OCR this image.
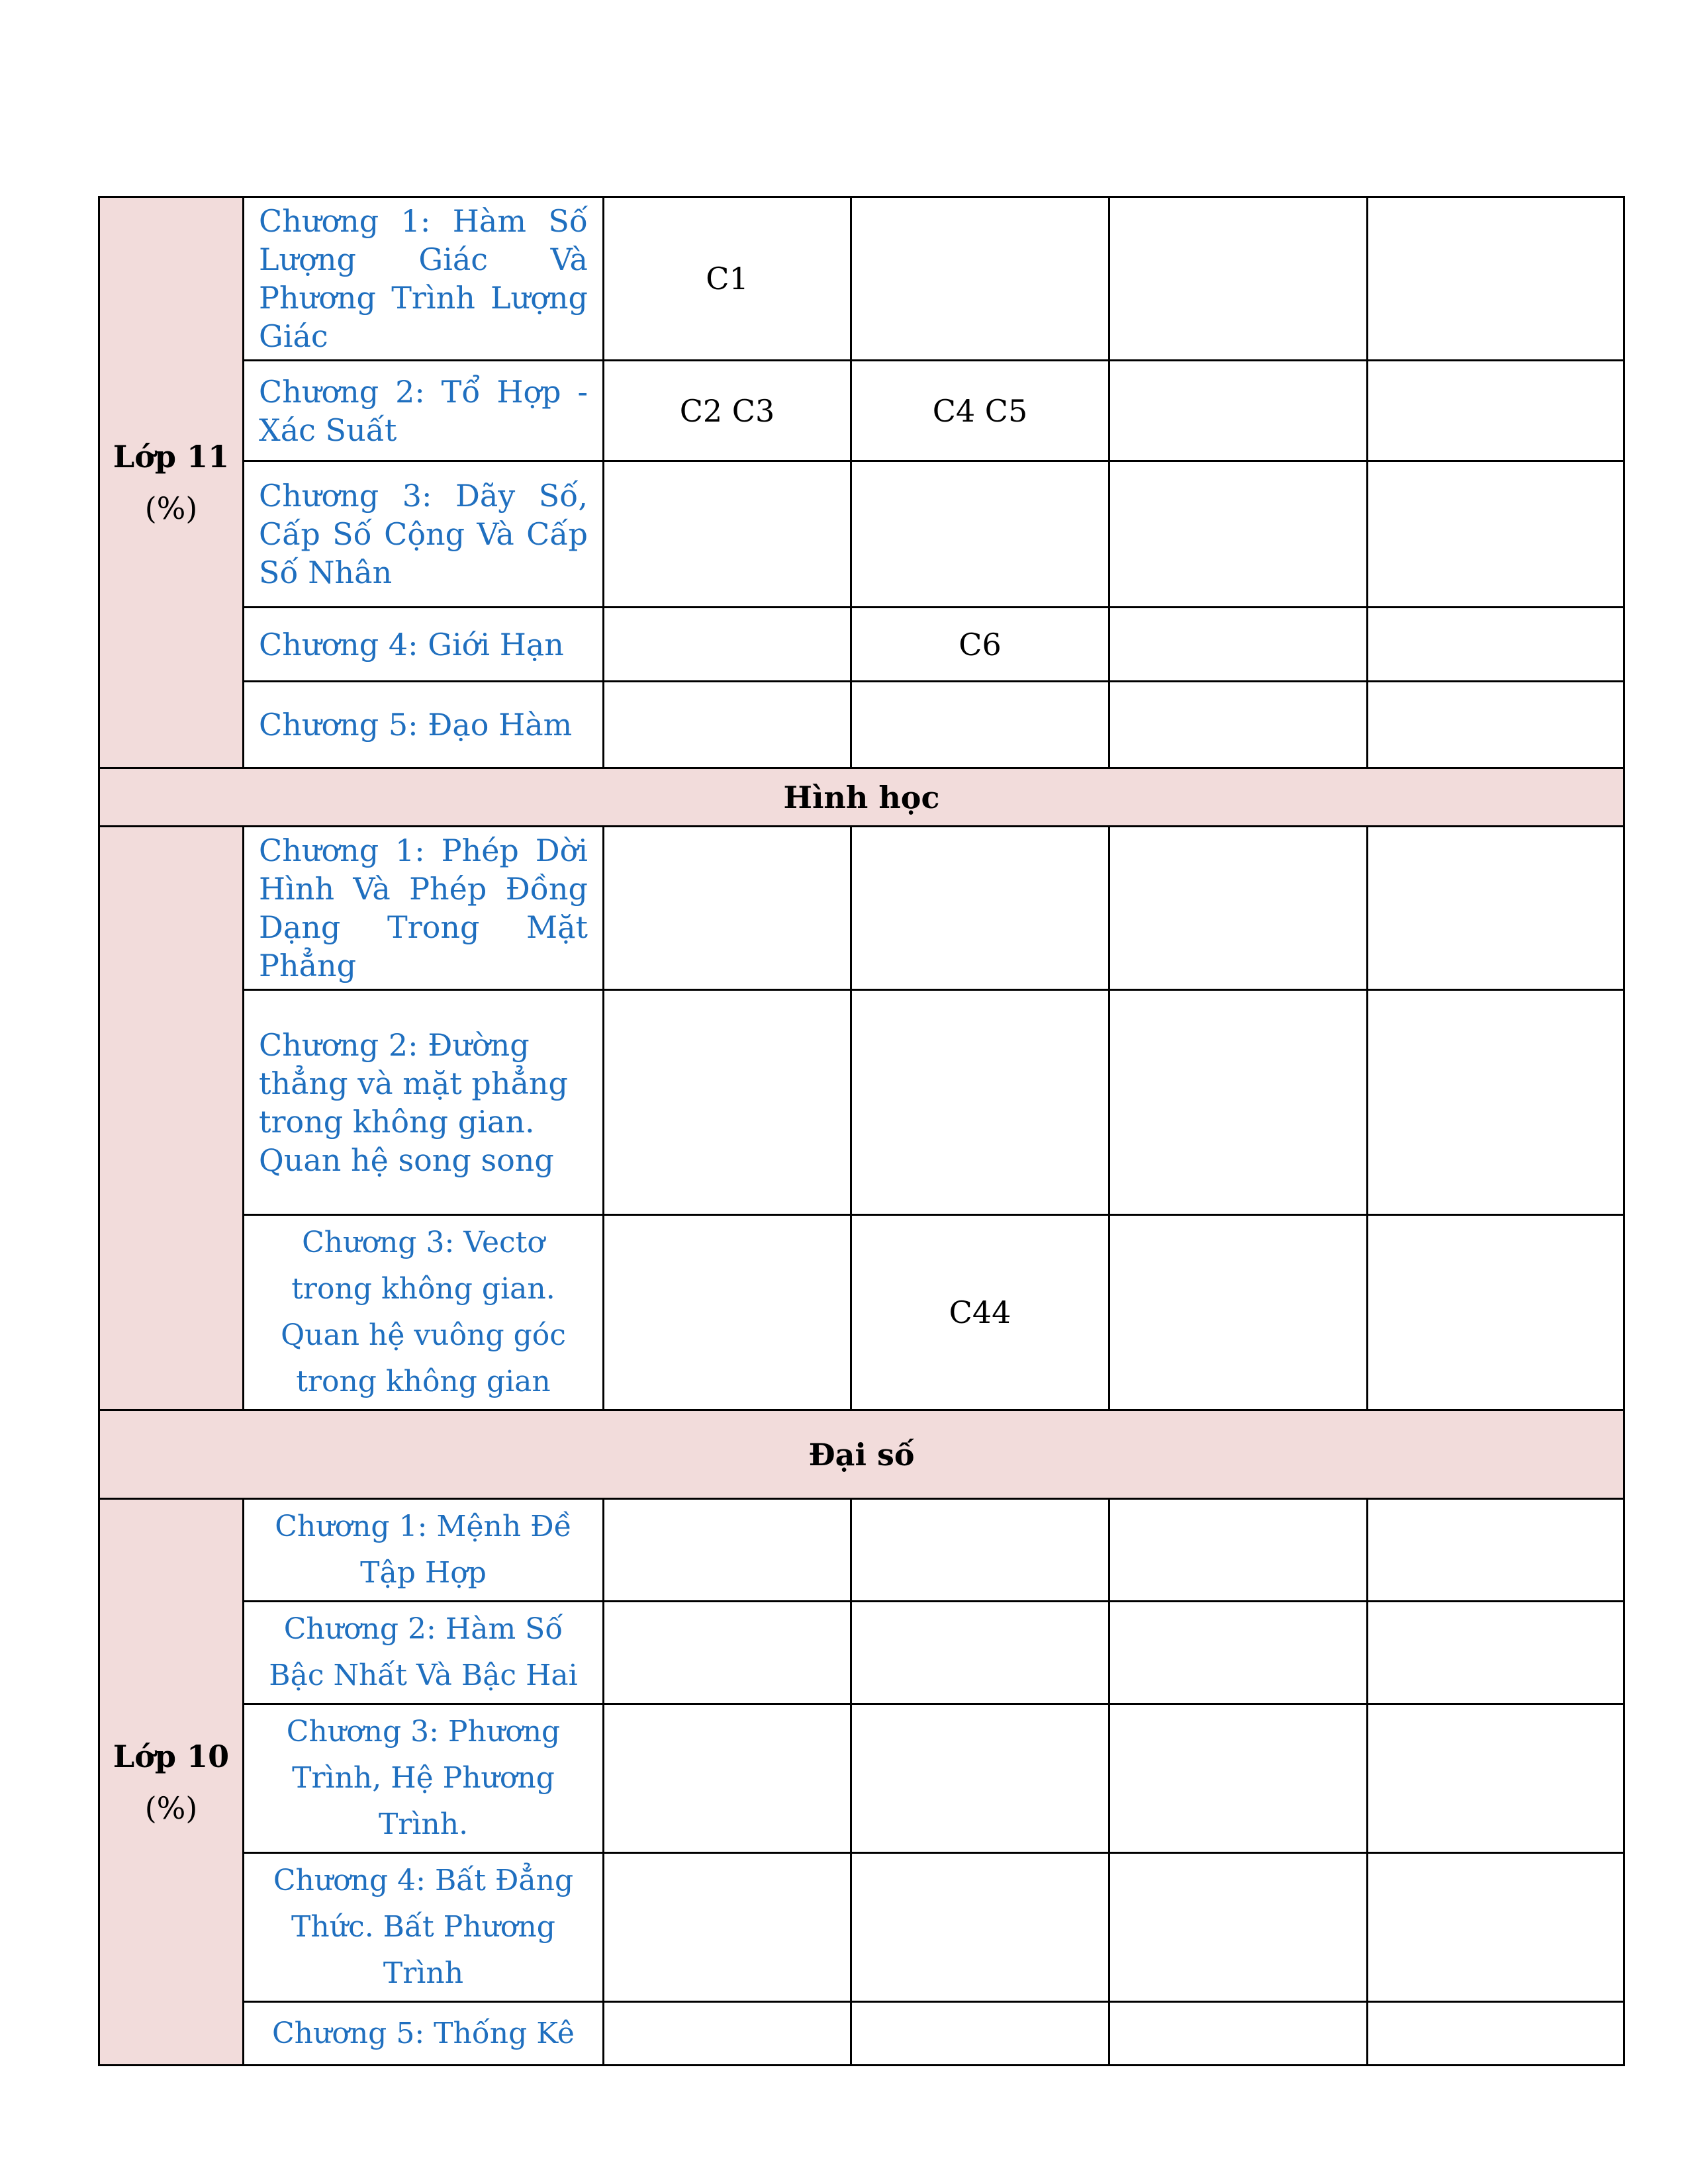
Lớp 11
(%)	Chương 1: Hàm Số Lượng Giác Và Phương Trình Lượng Giác	C1			
	Chương 2: Tổ Hợp - Xác Suất	C2 C3	C4 C5		
	Chương 3: Dãy Số, Cấp Số Cộng Và Cấp Số Nhân				
	Chương 4: Giới Hạn		C6		
	Chương 5: Đạo Hàm				
Hình học					
	Chương 1: Phép Dời Hình Và Phép Đồng Dạng Trong Mặt Phẳng				
	Chương 2: Đường thẳng và mặt phẳng trong không gian. Quan hệ song song				
	Chương 3: Vectơ trong không gian. Quan hệ vuông góc trong không gian		C44		
Đại số					

Lớp 10
(%)	Chương 1: Mệnh Đề Tập Hợp				
	Chương 2: Hàm Số Bậc Nhất Và Bậc Hai				
	Chương 3: Phương Trình, Hệ Phương Trình.				
	Chương 4: Bất Đẳng Thức. Bất Phương Trình				
	Chương 5: Thống Kê				
